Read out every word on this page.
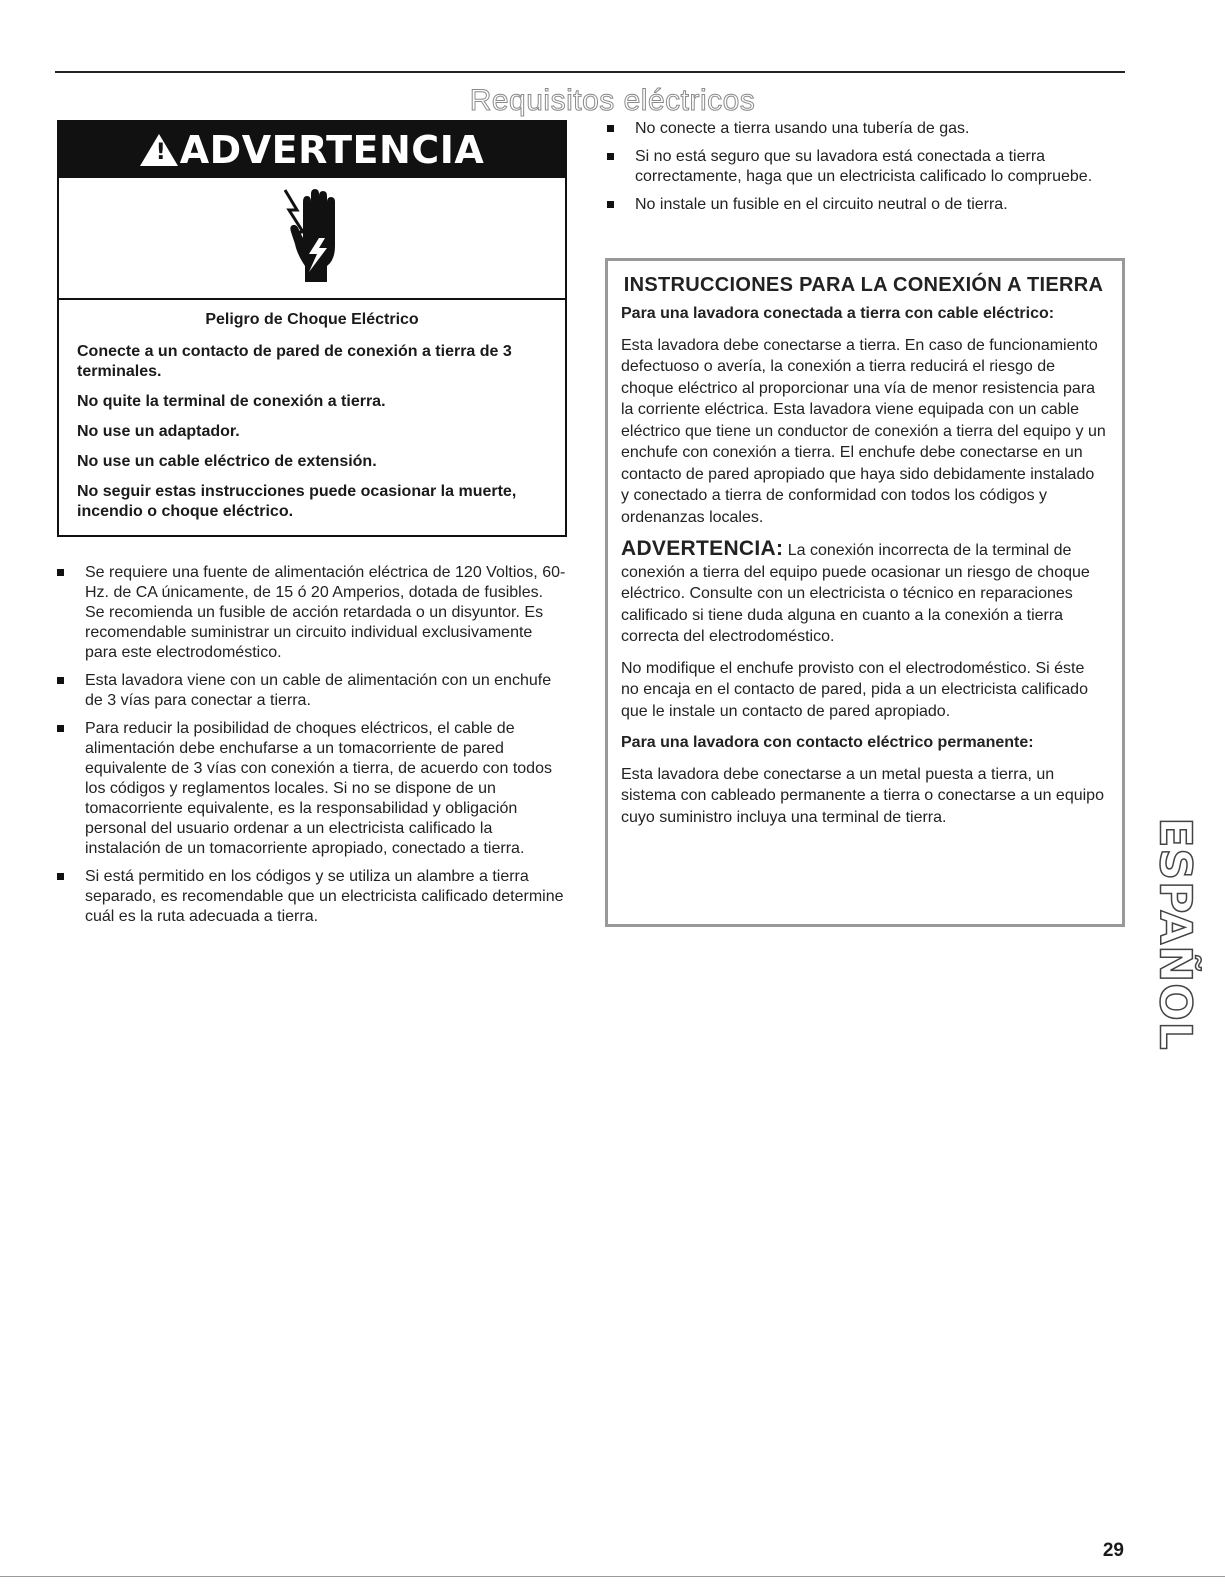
Requisitos eléctricos
! ADVERTENCIA
Peligro de Choque Eléctrico

Conecte a un contacto de pared de conexión a tierra de 3 terminales.

No quite la terminal de conexión a tierra.

No use un adaptador.

No use un cable eléctrico de extensión.

No seguir estas instrucciones puede ocasionar la muerte, incendio o choque eléctrico.

Se requiere una fuente de alimentación eléctrica de 120 Voltios, 60-Hz. de CA únicamente, de 15 ó 20 Amperios, dotada de fusibles. Se recomienda un fusible de acción retardada o un disyuntor. Es recomendable suministrar un circuito individual exclusivamente para este electrodoméstico.
Esta lavadora viene con un cable de alimentación con un enchufe de 3 vías para conectar a tierra.
Para reducir la posibilidad de choques eléctricos, el cable de alimentación debe enchufarse a un tomacorriente de pared equivalente de 3 vías con conexión a tierra, de acuerdo con todos los códigos y reglamentos locales. Si no se dispone de un tomacorriente equivalente, es la responsabilidad y obligación personal del usuario ordenar a un electricista calificado la instalación de un tomacorriente apropiado, conectado a tierra.
Si está permitido en los códigos y se utiliza un alambre a tierra separado, es recomendable que un electricista calificado determine cuál es la ruta adecuada a tierra.
No conecte a tierra usando una tubería de gas.
Si no está seguro que su lavadora está conectada a tierra correctamente, haga que un electricista calificado lo compruebe.
No instale un fusible en el circuito neutral o de tierra.
INSTRUCCIONES PARA LA CONEXIÓN A TIERRA

Para una lavadora conectada a tierra con cable eléctrico:

Esta lavadora debe conectarse a tierra. En caso de funcionamiento defectuoso o avería, la conexión a tierra reducirá el riesgo de choque eléctrico al proporcionar una vía de menor resistencia para la corriente eléctrica. Esta lavadora viene equipada con un cable eléctrico que tiene un conductor de conexión a tierra del equipo y un enchufe con conexión a tierra. El enchufe debe conectarse en un contacto de pared apropiado que haya sido debidamente instalado y conectado a tierra de conformidad con todos los códigos y ordenanzas locales.

ADVERTENCIA: La conexión incorrecta de la terminal de conexión a tierra del equipo puede ocasionar un riesgo de choque eléctrico. Consulte con un electricista o técnico en reparaciones calificado si tiene duda alguna en cuanto a la conexión a tierra correcta del electrodoméstico.

No modifique el enchufe provisto con el electrodoméstico. Si éste no encaja en el contacto de pared, pida a un electricista calificado que le instale un contacto de pared apropiado.

Para una lavadora con contacto eléctrico permanente:

Esta lavadora debe conectarse a un metal puesta a tierra, un sistema con cableado permanente a tierra o conectarse a un equipo cuyo suministro incluya una terminal de tierra.

ESPAÑOL
29
